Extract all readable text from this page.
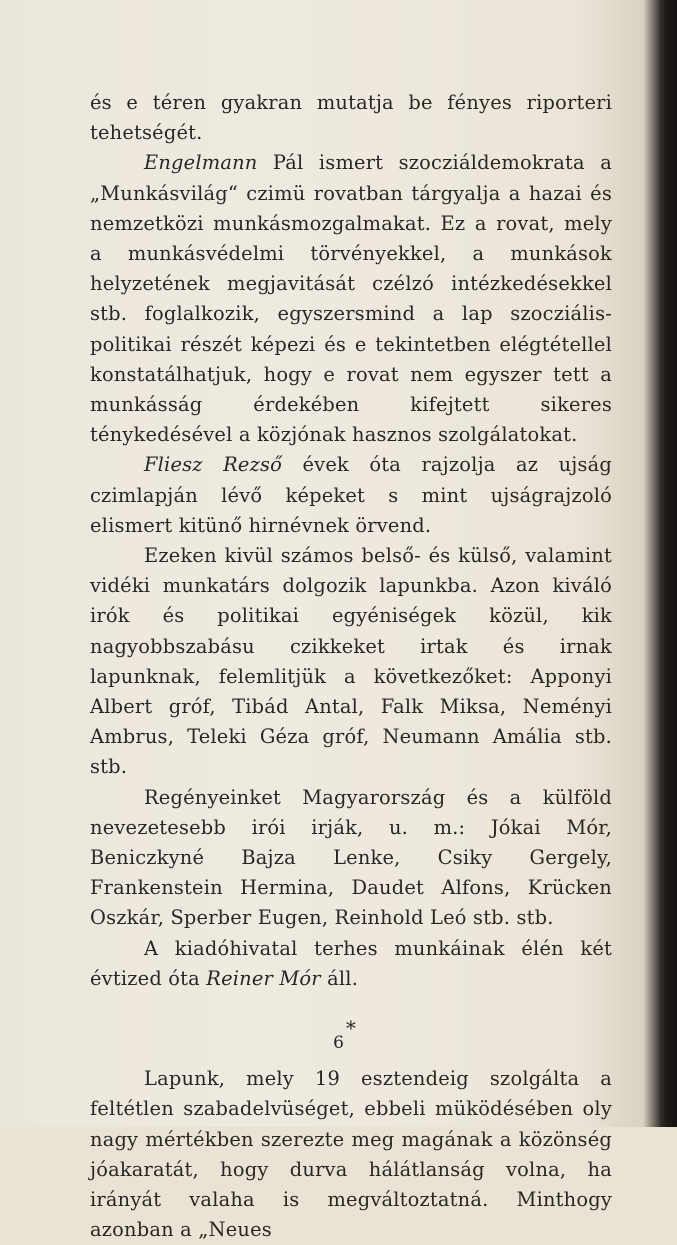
és e téren gyakran mutatja be fényes riporteri tehetségét.

Engelmann Pál ismert szocziáldemokrata a „Munkásvilág“ czimü rovatban tárgyalja a hazai és nemzetközi munkásmozgalmakat. Ez a rovat, mely a munkásvédelmi törvényekkel, a munkások helyzetének megjavitását czélzó intézkedésekkel stb. foglalkozik, egyszersmind a lap szocziális-politikai részét képezi és e tekintetben elégtétellel konstatálhatjuk, hogy e rovat nem egyszer tett a munkásság érdekében kifejtett sikeres ténykedésével a közjónak hasznos szolgálatokat.

Fliesz Rezső évek óta rajzolja az ujság czimlapján lévő képeket s mint ujságrajzoló elismert kitünő hirnévnek örvend.

Ezeken kivül számos belső- és külső, valamint vidéki munkatárs dolgozik lapunkba. Azon kiváló irók és politikai egyéniségek közül, kik nagyobbszabásu czikkeket irtak és irnak lapunknak, felemlitjük a következőket: Apponyi Albert gróf, Tibád Antal, Falk Miksa, Neményi Ambrus, Teleki Géza gróf, Neumann Amália stb. stb.

Regényeinket Magyarország és a külföld nevezetesebb irói irják, u. m.: Jókai Mór, Beniczkyné Bajza Lenke, Csiky Gergely, Frankenstein Hermina, Daudet Alfons, Krücken Oszkár, Sperber Eugen, Reinhold Leó stb. stb.

A kiadóhivatal terhes munkáinak élén két évtized óta Reiner Mór áll.

*

Lapunk, mely 19 esztendeig szolgálta a feltétlen szabadelvüséget, ebbeli müködésében oly nagy mértékben szerezte meg magának a közönség jóakaratát, hogy durva hálátlanság volna, ha irányát valaha is megváltoztatná. Minthogy azonban a „Neues

6
